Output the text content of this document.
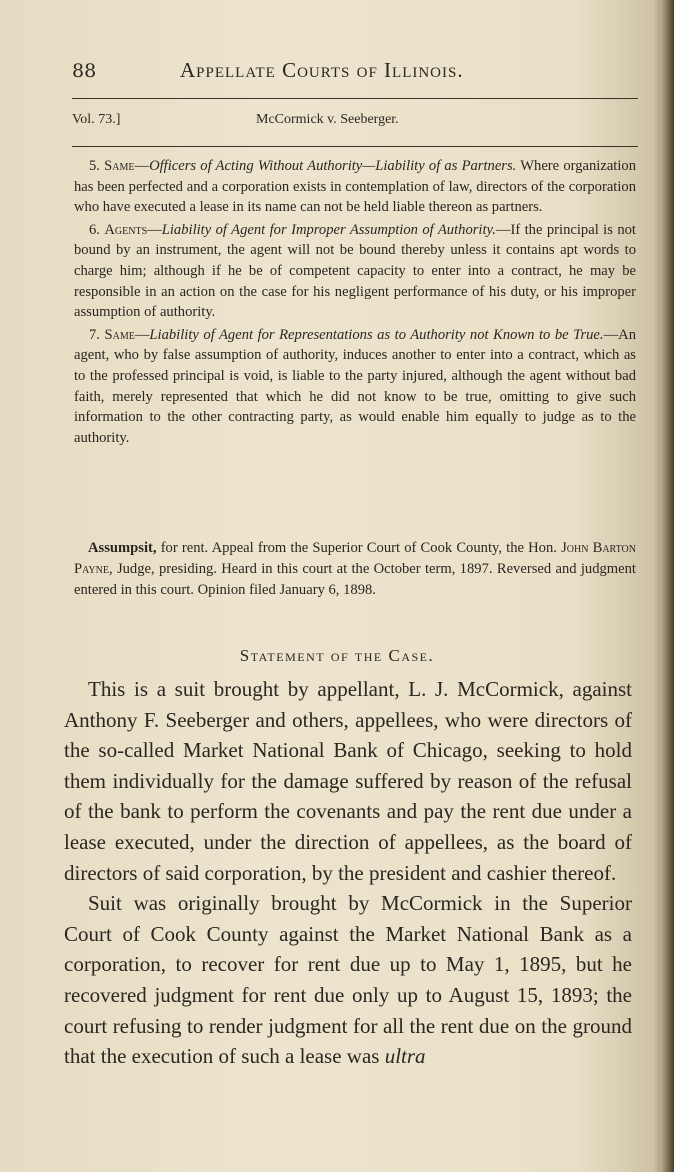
88	Appellate Courts of Illinois.
Vol. 73.]	McCormick v. Seeberger.

5. Same—Officers of Acting Without Authority—Liability of as Partners. Where organization has been perfected and a corporation exists in contemplation of law, directors of the corporation who have executed a lease in its name can not be held liable thereon as partners.

6. Agents—Liability of Agent for Improper Assumption of Authority.—If the principal is not bound by an instrument, the agent will not be bound thereby unless it contains apt words to charge him; although if he be of competent capacity to enter into a contract, he may be responsible in an action on the case for his negligent performance of his duty, or his improper assumption of authority.

7. Same—Liability of Agent for Representations as to Authority not Known to be True.—An agent, who by false assumption of authority, induces another to enter into a contract, which as to the professed principal is void, is liable to the party injured, although the agent without bad faith, merely represented that which he did not know to be true, omitting to give such information to the other contracting party, as would enable him equally to judge as to the authority.

Assumpsit, for rent. Appeal from the Superior Court of Cook County, the Hon. John Barton Payne, Judge, presiding. Heard in this court at the October term, 1897. Reversed and judgment entered in this court. Opinion filed January 6, 1898.

Statement of the Case.

This is a suit brought by appellant, L. J. McCormick, against Anthony F. Seeberger and others, appellees, who were directors of the so-called Market National Bank of Chicago, seeking to hold them individually for the damage suffered by reason of the refusal of the bank to perform the covenants and pay the rent due under a lease executed, under the direction of appellees, as the board of directors of said corporation, by the president and cashier thereof.

Suit was originally brought by McCormick in the Superior Court of Cook County against the Market National Bank as a corporation, to recover for rent due up to May 1, 1895, but he recovered judgment for rent due only up to August 15, 1893; the court refusing to render judgment for all the rent due on the ground that the execution of such a lease was ultra
